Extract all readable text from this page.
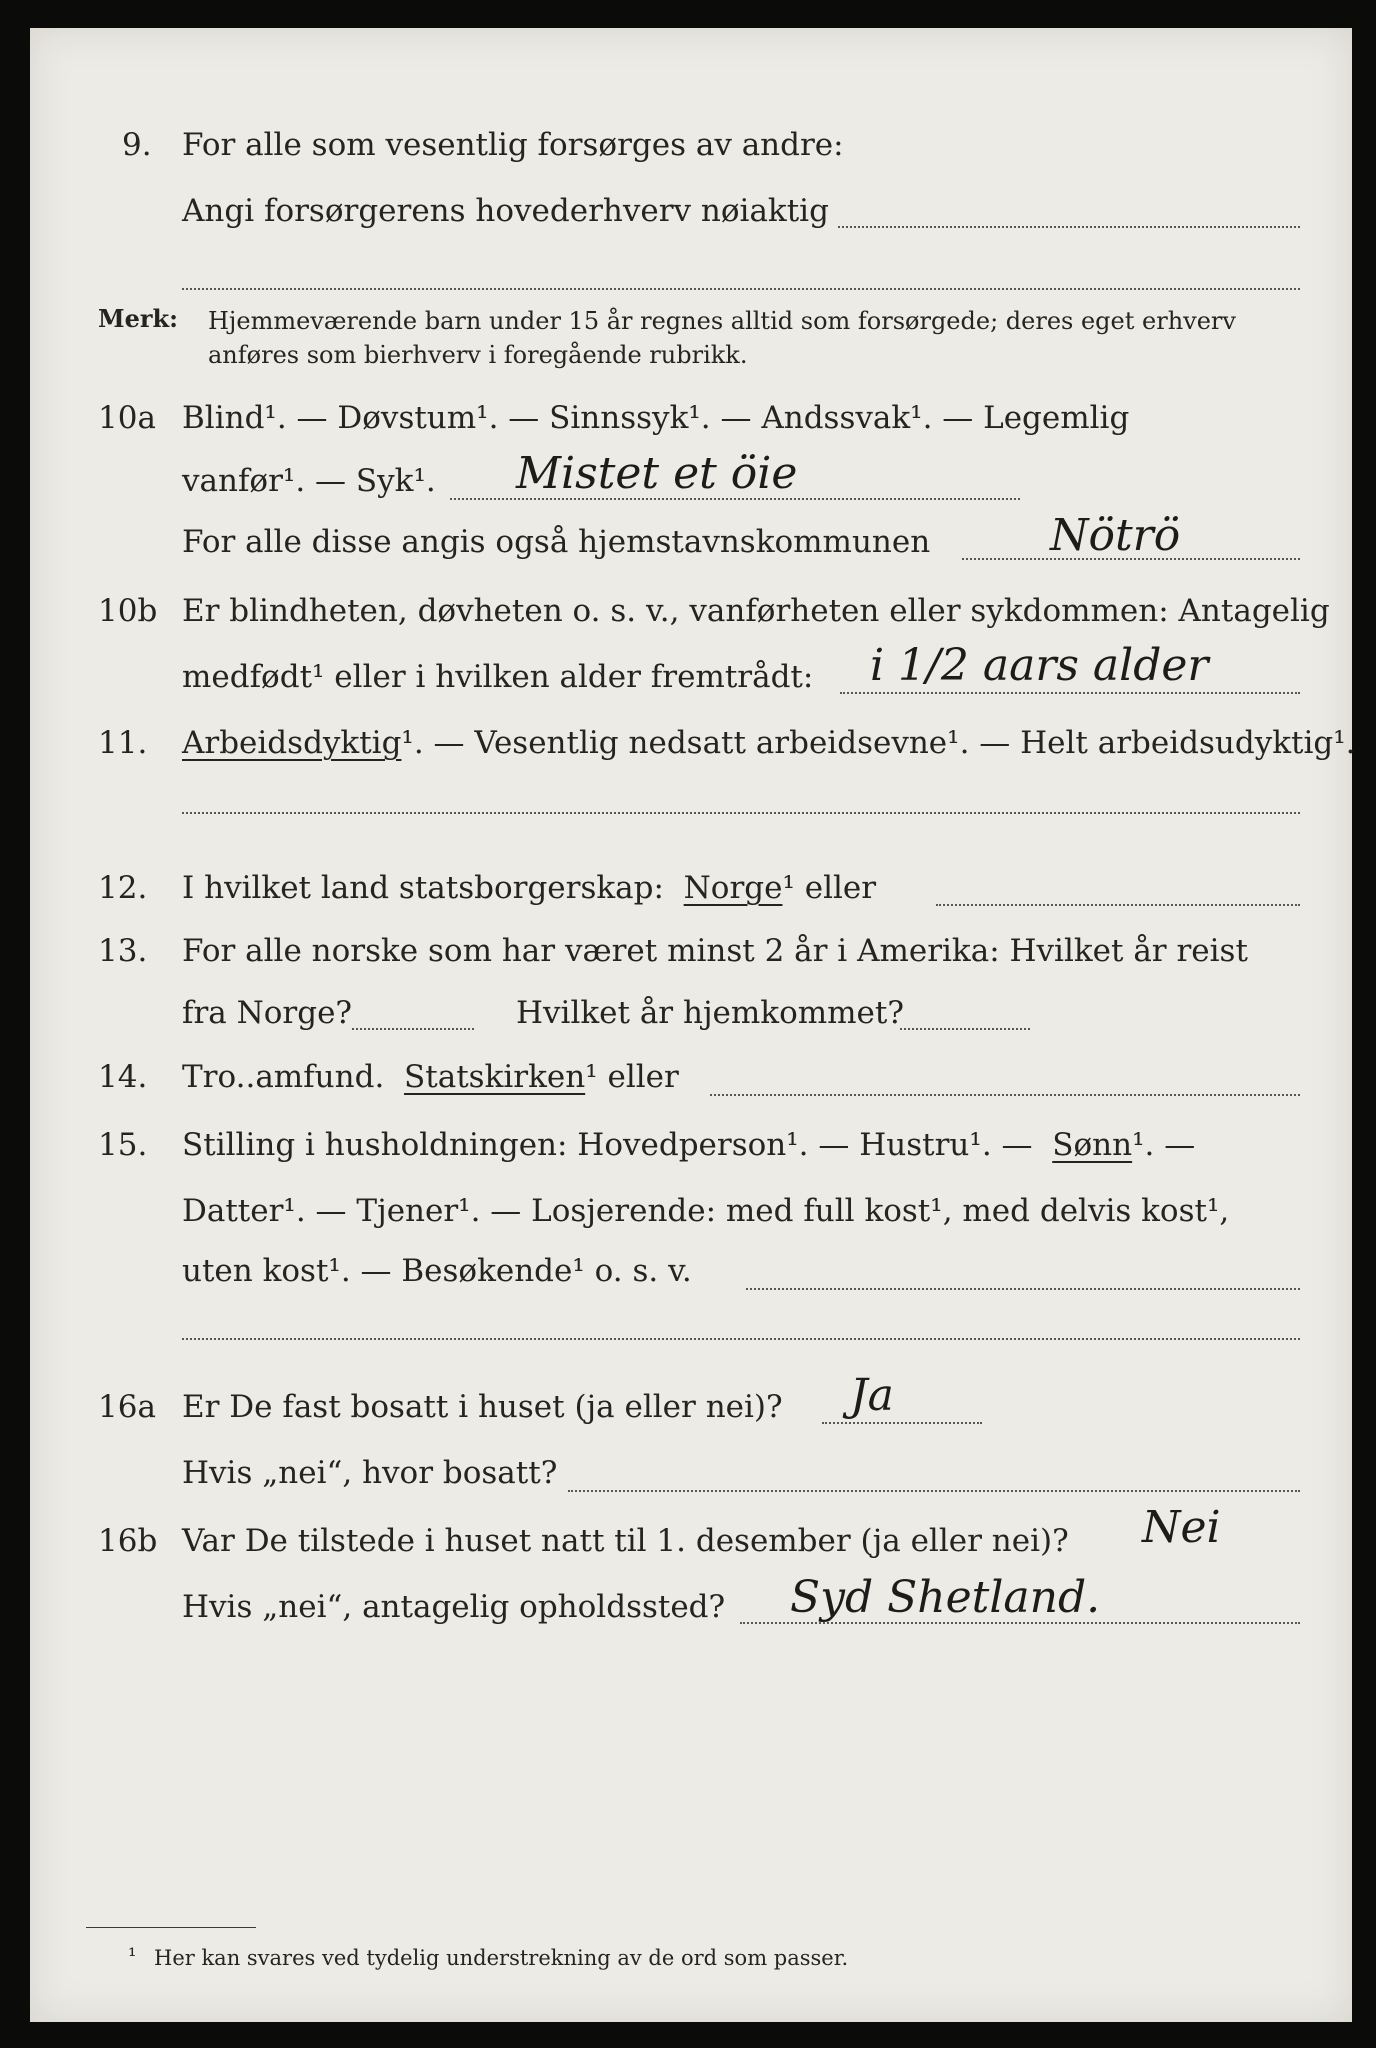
9. For alle som vesentlig forsørges av andre:
Angi forsørgerens hovederhverv nøiaktig
Merk: Hjemmeværende barn under 15 år regnes alltid som forsørgede; deres eget erhverv
anføres som bierhverv i foregående rubrikk.
10a Blind¹. — Døvstum¹. — Sinnssyk¹. — Andssvak¹. — Legemlig
vanfør¹. — Syk¹. Mistet et öie
For alle disse angis også hjemstavnskommunen	Nötrö
10b Er blindheten, døvheten o. s. v., vanførheten eller sykdommen: Antagelig
medfødt¹ eller i hvilken alder fremtrådt: i 1/2 aars alder
11. Arbeidsdyktig¹. — Vesentlig nedsatt arbeidsevne¹. — Helt arbeidsudyktig¹.
12. I hvilket land statsborgerskap: Norge¹ eller
13. For alle norske som har været minst 2 år i Amerika: Hvilket år reist
fra Norge?	Hvilket år hjemkommet?
14. Tro..amfund. Statskirken¹ eller
15. Stilling i husholdningen: Hovedperson¹. — Hustru¹. — Sønn¹. —
Datter¹. — Tjener¹. — Losjerende: med full kost¹, med delvis kost¹,
uten kost¹. — Besøkende¹ o. s. v.
16a Er De fast bosatt i huset (ja eller nei)? Ja
Hvis „nei“, hvor bosatt?
16b Var De tilstede i huset natt til 1. desember (ja eller nei)? Nei
Hvis „nei“, antagelig opholdssted? Syd Shetland.
¹ Her kan svares ved tydelig understrekning av de ord som passer.
